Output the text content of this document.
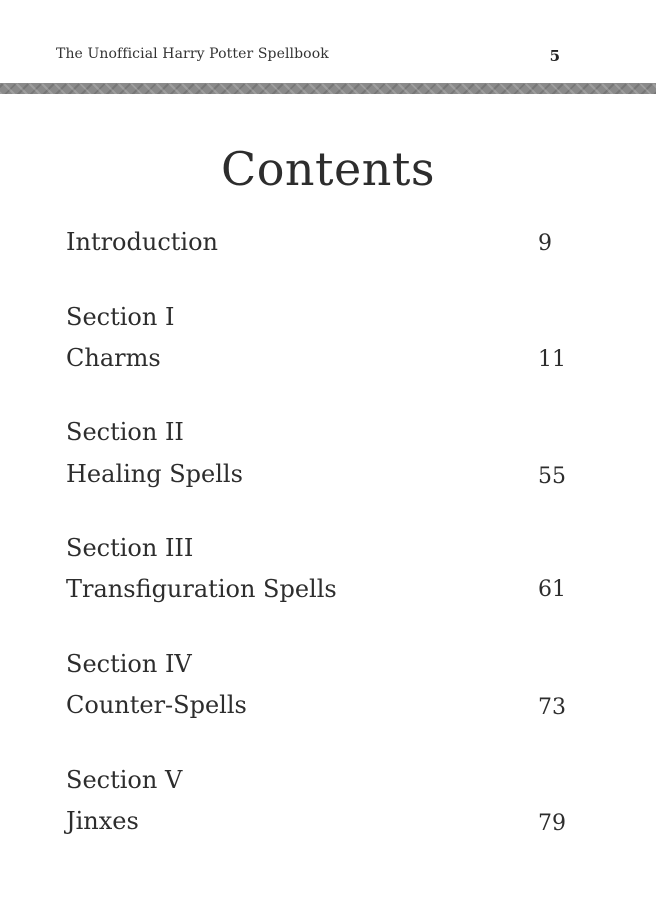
The Unofficial Harry Potter Spellbook	5
Contents
Introduction	9
Section I
Charms	11
Section II
Healing Spells	55
Section III
Transfiguration Spells	61
Section IV
Counter-Spells	73
Section V
Jinxes	79
